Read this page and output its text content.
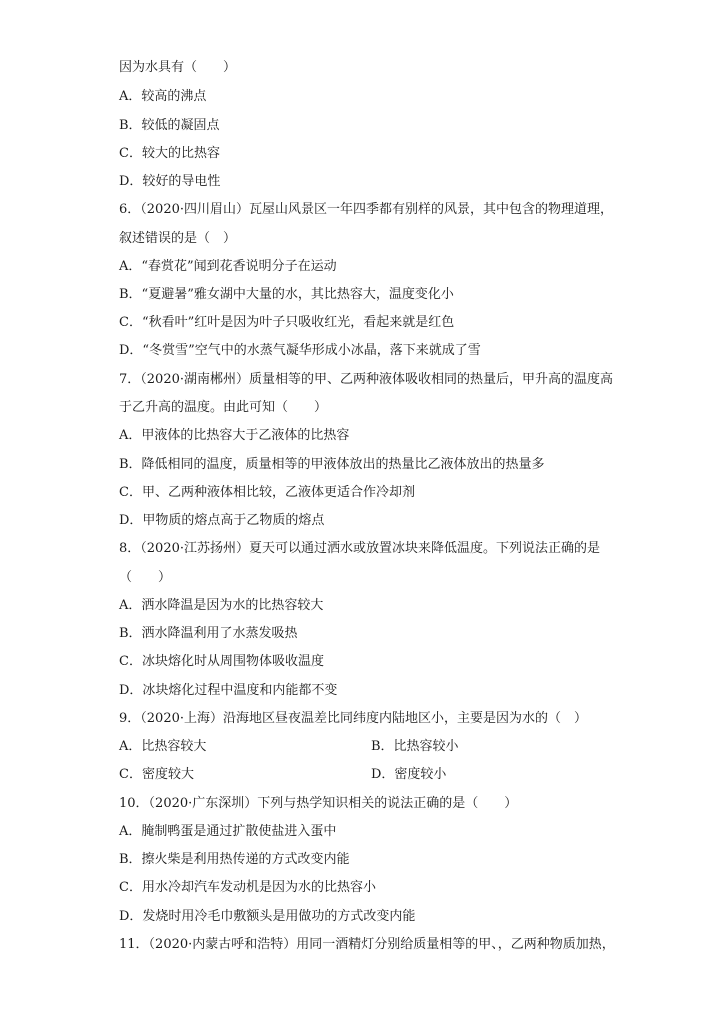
因为水具有（　　）
A．较高的沸点
B．较低的凝固点
C．较大的比热容
D．较好的导电性
6．（2020·四川眉山）瓦屋山风景区一年四季都有别样的风景，其中包含的物理道理，
叙述错误的是（　）
A．“春赏花”闻到花香说明分子在运动
B．“夏避暑”雅女湖中大量的水，其比热容大，温度变化小
C．“秋看叶”红叶是因为叶子只吸收红光，看起来就是红色
D．“冬赏雪”空气中的水蒸气凝华形成小冰晶，落下来就成了雪
7．（2020·湖南郴州）质量相等的甲、乙两种液体吸收相同的热量后，甲升高的温度高
于乙升高的温度。由此可知（　　）
A．甲液体的比热容大于乙液体的比热容
B．降低相同的温度，质量相等的甲液体放出的热量比乙液体放出的热量多
C．甲、乙两种液体相比较，乙液体更适合作冷却剂
D．甲物质的熔点高于乙物质的熔点
8．（2020·江苏扬州）夏天可以通过洒水或放置冰块来降低温度。下列说法正确的是
（　　）
A．洒水降温是因为水的比热容较大
B．洒水降温利用了水蒸发吸热
C．冰块熔化时从周围物体吸收温度
D．冰块熔化过程中温度和内能都不变
9．（2020·上海）沿海地区昼夜温差比同纬度内陆地区小，主要是因为水的（　）
A．比热容较大	B．比热容较小
C．密度较大	D．密度较小
10．（2020·广东深圳）下列与热学知识相关的说法正确的是（　　）
A．腌制鸭蛋是通过扩散使盐进入蛋中
B．擦火柴是利用热传递的方式改变内能
C．用水冷却汽车发动机是因为水的比热容小
D．发烧时用冷毛巾敷额头是用做功的方式改变内能
11．（2020·内蒙古呼和浩特）用同一酒精灯分别给质量相等的甲、，乙两种物质加热，
